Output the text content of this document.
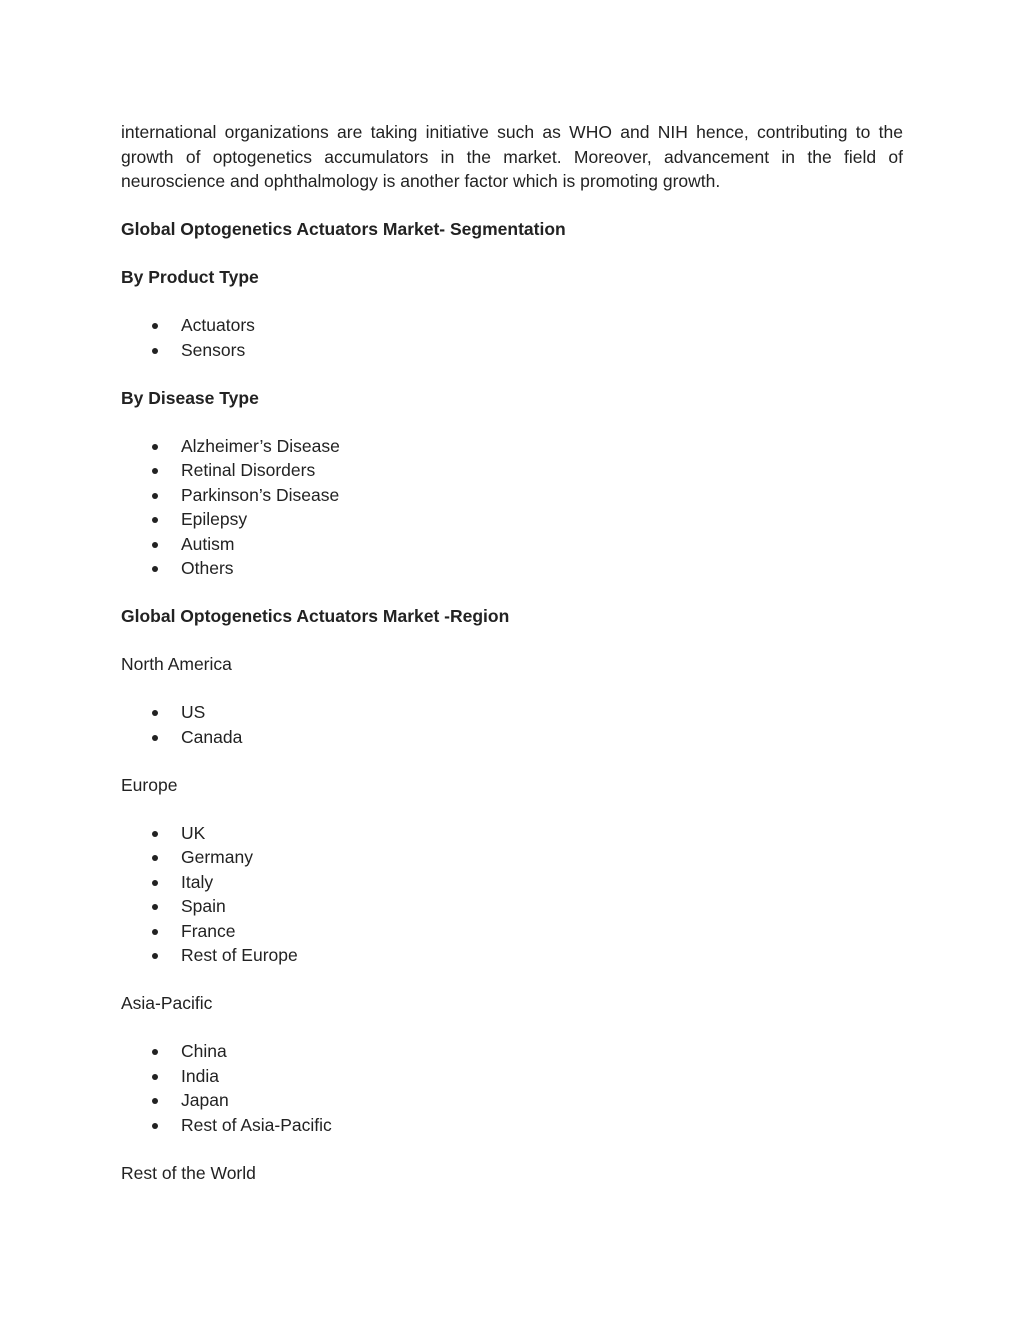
international organizations are taking initiative such as WHO and NIH hence, contributing to the growth of optogenetics accumulators in the market. Moreover, advancement in the field of neuroscience and ophthalmology is another factor which is promoting growth.

Global Optogenetics Actuators Market- Segmentation

By Product Type

Actuators
Sensors

By Disease Type

Alzheimer’s Disease
Retinal Disorders
Parkinson’s Disease
Epilepsy
Autism
Others

Global Optogenetics Actuators Market -Region

North America

US
Canada

Europe

UK
Germany
Italy
Spain
France
Rest of Europe

Asia-Pacific

China
India
Japan
Rest of Asia-Pacific

Rest of the World
